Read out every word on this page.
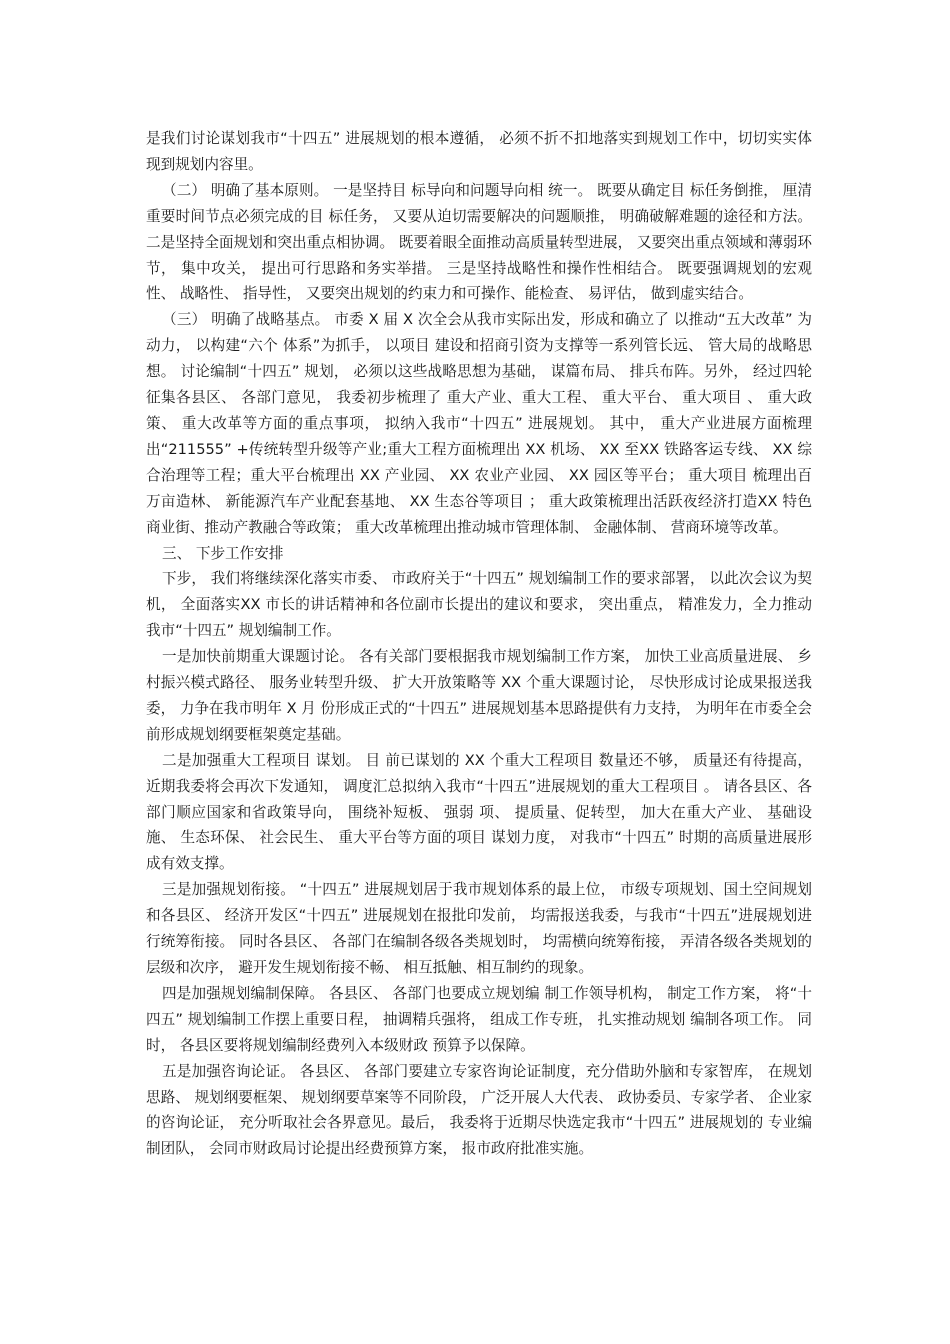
是我们讨论谋划我市“十四五” 进展规划的根本遵循， 必须不折不扣地落实到规划工作中，切切实实体现到规划内容里。

（二） 明确了基本原则。 一是坚持目 标导向和问题导向相 统一。 既要从确定目 标任务倒推， 厘清重要时间节点必须完成的目 标任务， 又要从迫切需要解决的问题顺推， 明确破解难题的途径和方法。 二是坚持全面规划和突出重点相协调。 既要着眼全面推动高质量转型进展， 又要突出重点领域和薄弱环节， 集中攻关， 提出可行思路和务实举措。 三是坚持战略性和操作性相结合。 既要强调规划的宏观性、 战略性、 指导性， 又要突出规划的约束力和可操作、能检查、 易评估， 做到虚实结合。

（三） 明确了战略基点。 市委 X 届 X 次全会从我市实际出发，形成和确立了 以推动“五大改革” 为动力， 以构建“六个 体系”为抓手， 以项目 建设和招商引资为支撑等一系列管长远、 管大局的战略思想。 讨论编制“十四五” 规划， 必须以这些战略思想为基础， 谋篇布局、 排兵布阵。另外， 经过四轮征集各县区、 各部门意见， 我委初步梳理了 重大产业、重大工程、 重大平台、 重大项目 、 重大政策、 重大改革等方面的重点事项， 拟纳入我市“十四五” 进展规划。 其中， 重大产业进展方面梳理出“211555” +传统转型升级等产业;重大工程方面梳理出 XX 机场、 XX 至XX 铁路客运专线、 XX 综合治理等工程；重大平台梳理出 XX 产业园、 XX 农业产业园、 XX 园区等平台； 重大项目 梳理出百万亩造林、 新能源汽车产业配套基地、 XX 生态谷等项目 ； 重大政策梳理出活跃夜经济打造XX 特色商业街、推动产教融合等政策； 重大改革梳理出推动城市管理体制、 金融体制、 营商环境等改革。

三、 下步工作安排

下步， 我们将继续深化落实市委、 市政府关于“十四五” 规划编制工作的要求部署， 以此次会议为契机， 全面落实XX 市长的讲话精神和各位副市长提出的建议和要求， 突出重点， 精准发力，全力推动我市“十四五” 规划编制工作。

一是加快前期重大课题讨论。 各有关部门要根据我市规划编制工作方案， 加快工业高质量进展、 乡 村振兴模式路径、 服务业转型升级、 扩大开放策略等 XX 个重大课题讨论， 尽快形成讨论成果报送我委， 力争在我市明年 X 月 份形成正式的“十四五” 进展规划基本思路提供有力支持， 为明年在市委全会前形成规划纲要框架奠定基础。

二是加强重大工程项目 谋划。 目 前已谋划的 XX 个重大工程项目 数量还不够， 质量还有待提高， 近期我委将会再次下发通知， 调度汇总拟纳入我市“十四五”进展规划的重大工程项目 。 请各县区、各部门顺应国家和省政策导向， 围绕补短板、 强弱 项、 提质量、促转型， 加大在重大产业、 基础设施、 生态环保、 社会民生、 重大平台等方面的项目 谋划力度， 对我市“十四五” 时期的高质量进展形成有效支撑。

三是加强规划衔接。 “十四五” 进展规划居于我市规划体系的最上位， 市级专项规划、国土空间规划和各县区、 经济开发区“十四五” 进展规划在报批印发前， 均需报送我委，与我市“十四五”进展规划进行统筹衔接。 同时各县区、 各部门在编制各级各类规划时， 均需横向统筹衔接， 弄清各级各类规划的层级和次序， 避开发生规划衔接不畅、 相互抵触、相互制约的现象。

四是加强规划编制保障。 各县区、 各部门也要成立规划编 制工作领导机构， 制定工作方案， 将“十四五” 规划编制工作摆上重要日程， 抽调精兵强将， 组成工作专班， 扎实推动规划 编制各项工作。 同时， 各县区要将规划编制经费列入本级财政 预算予以保障。

五是加强咨询论证。 各县区、 各部门要建立专家咨询论证制度，充分借助外脑和专家智库， 在规划思路、 规划纲要框架、 规划纲要草案等不同阶段， 广泛开展人大代表、 政协委员、专家学者、 企业家的咨询论证， 充分听取社会各界意见。最后， 我委将于近期尽快选定我市“十四五” 进展规划的 专业编制团队， 会同市财政局讨论提出经费预算方案， 报市政府批准实施。
